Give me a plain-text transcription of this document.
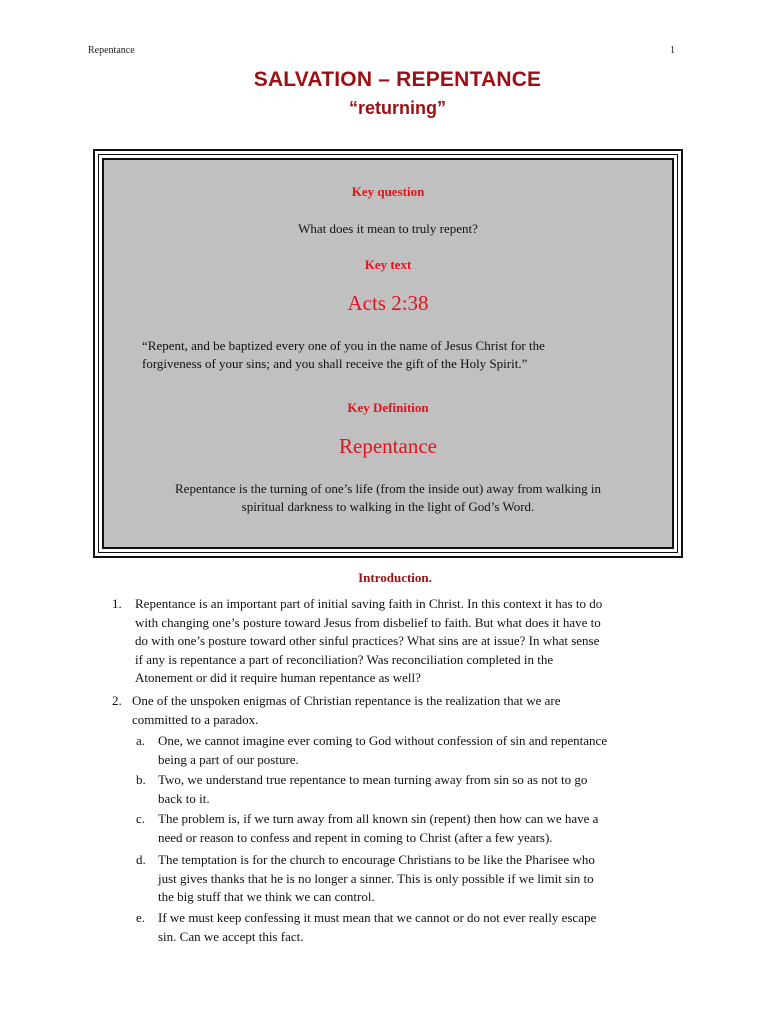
Repentance	1
SALVATION – REPENTANCE
“returning”
Key question
What does it mean to truly repent?
Key text
Acts 2:38
“Repent, and be baptized every one of you in the name of Jesus Christ for the
forgiveness of your sins; and you shall receive the gift of the Holy Spirit.”
Key Definition
Repentance
Repentance is the turning of one’s life (from the inside out) away from walking in
spiritual darkness to walking in the light of God’s Word.
Introduction.
1. Repentance is an important part of initial saving faith in Christ. In this context it has to do
with changing one’s posture toward Jesus from disbelief to faith. But what does it have to
do with one’s posture toward other sinful practices? What sins are at issue? In what sense
if any is repentance a part of reconciliation? Was reconciliation completed in the
Atonement or did it require human repentance as well?
2. One of the unspoken enigmas of Christian repentance is the realization that we are
committed to a paradox.
a. One, we cannot imagine ever coming to God without confession of sin and repentance
being a part of our posture.
b. Two, we understand true repentance to mean turning away from sin so as not to go
back to it.
c. The problem is, if we turn away from all known sin (repent) then how can we have a
need or reason to confess and repent in coming to Christ (after a few years).
d. The temptation is for the church to encourage Christians to be like the Pharisee who
just gives thanks that he is no longer a sinner. This is only possible if we limit sin to
the big stuff that we think we can control.
e. If we must keep confessing it must mean that we cannot or do not ever really escape
sin. Can we accept this fact.
